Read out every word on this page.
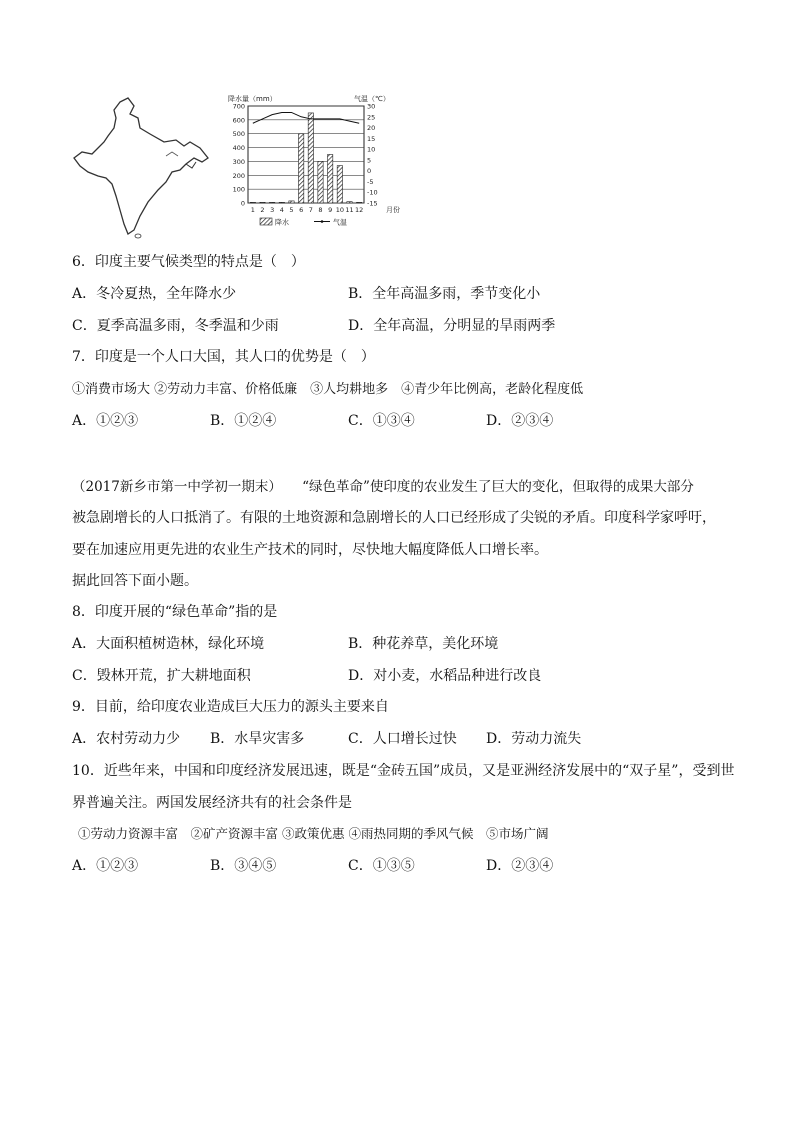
降水量（mm）	气温（℃）
700
600
500
400
300
200
100
0
30
25
20
15
10
5
0
-5
-10
-15
1 2 3 4 5 6 7 8 9 10 11 12
降水	气温
月份
6．印度主要气候类型的特点是（　）
A．冬冷夏热，全年降水少	B．全年高温多雨，季节变化小
C．夏季高温多雨，冬季温和少雨	D．全年高温，分明显的旱雨两季
7．印度是一个人口大国，其人口的优势是（　）
①消费市场大 ②劳动力丰富、价格低廉　③人均耕地多　④青少年比例高，老龄化程度低
A．①②③	B．①②④	C．①③④	D．②③④
（2017新乡市第一中学初一期末）　　“绿色革命”使印度的农业发生了巨大的变化，但取得的成果大部分
被急剧增长的人口抵消了。有限的土地资源和急剧增长的人口已经形成了尖锐的矛盾。印度科学家呼吁，
要在加速应用更先进的农业生产技术的同时，尽快地大幅度降低人口增长率。
据此回答下面小题。
8．印度开展的“绿色革命”指的是
A．大面积植树造林，绿化环境	B．种花养草，美化环境
C．毁林开荒，扩大耕地面积	D．对小麦，水稻品种进行改良
9．目前，给印度农业造成巨大压力的源头主要来自
A．农村劳动力少 B．水旱灾害多	C．人口增长过快 D．劳动力流失
10．近些年来，中国和印度经济发展迅速，既是“金砖五国”成员，又是亚洲经济发展中的“双子星”，受到世
界普遍关注。两国发展经济共有的社会条件是
①劳动力资源丰富　②矿产资源丰富 ③政策优惠 ④雨热同期的季风气候　⑤市场广阔
A．①②③	B．③④⑤	C．①③⑤	D．②③④
